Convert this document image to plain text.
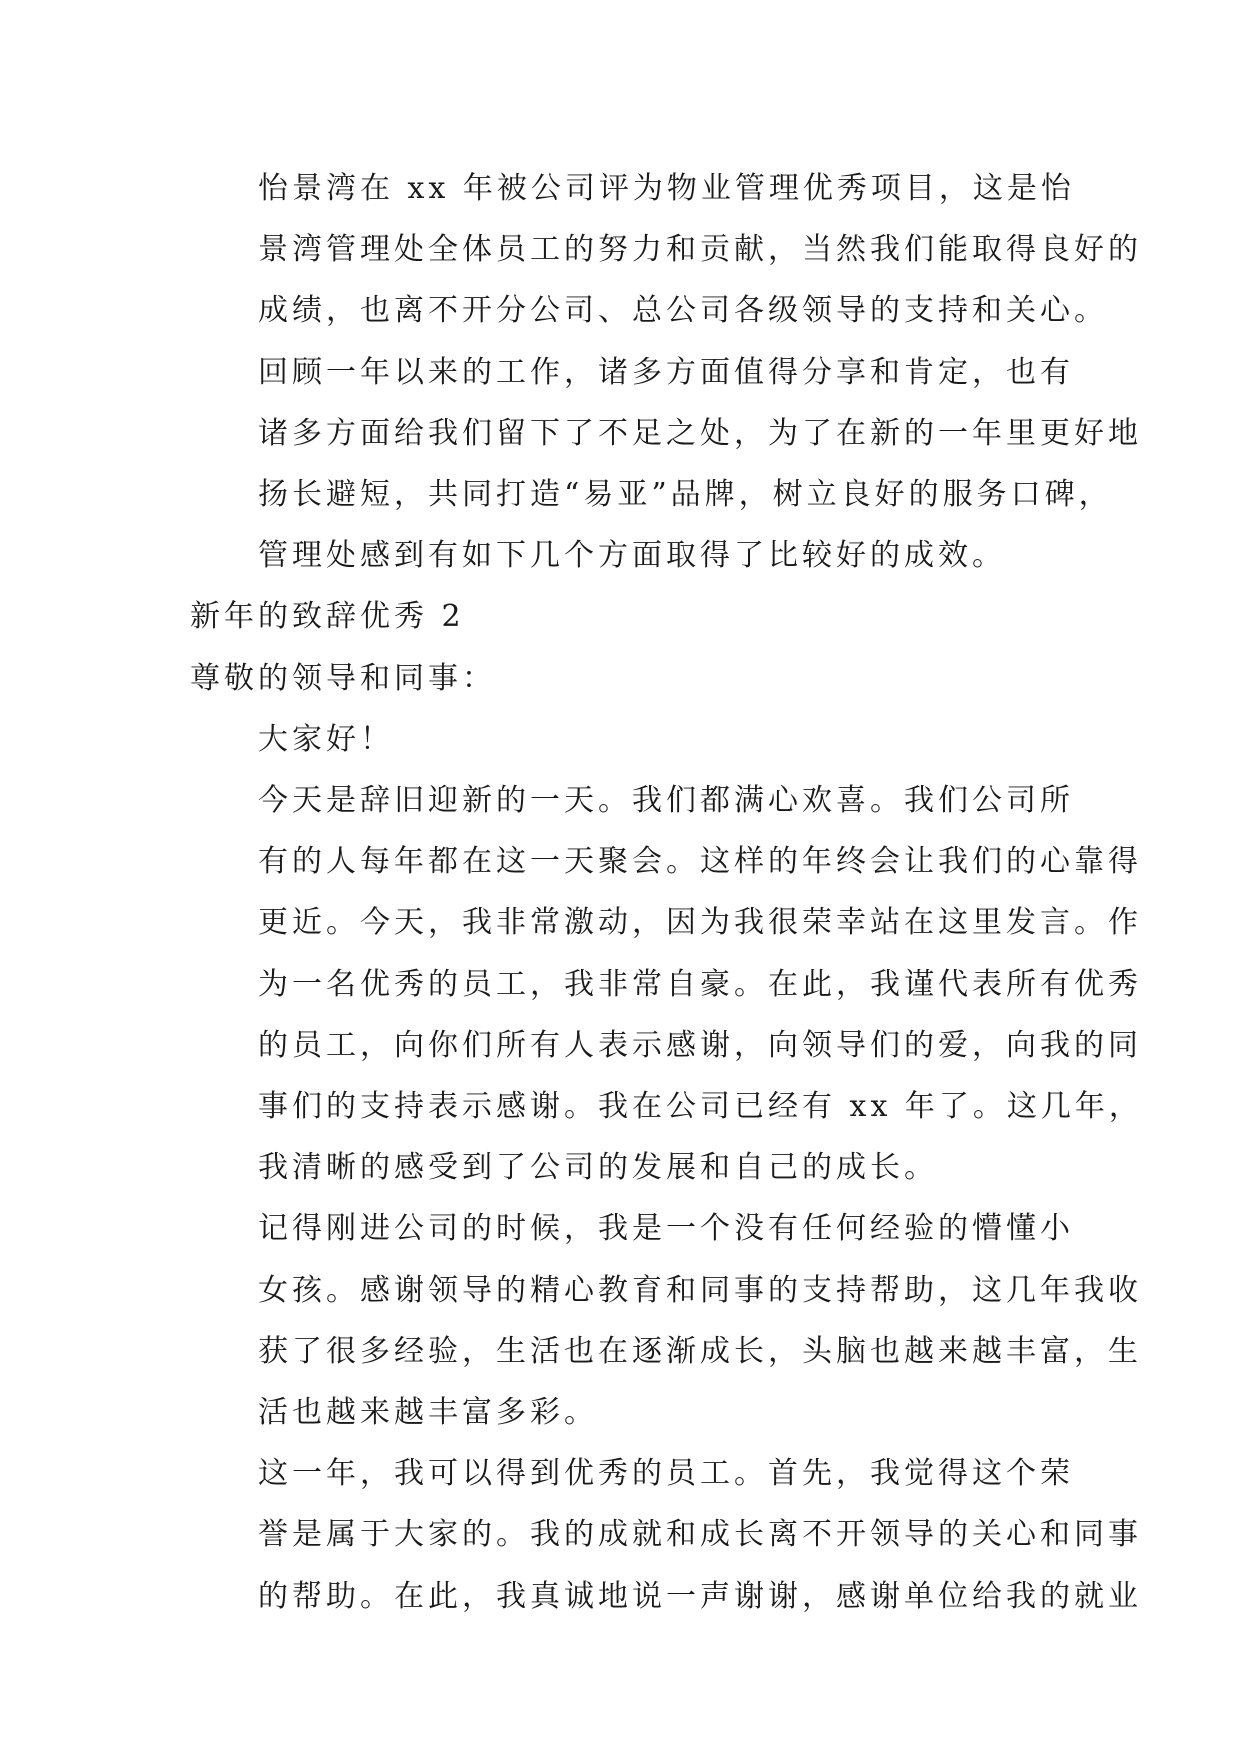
怡景湾在 xx 年被公司评为物业管理优秀项目，这是怡
景湾管理处全体员工的努力和贡献，当然我们能取得良好的
成绩，也离不开分公司、总公司各级领导的支持和关心。
回顾一年以来的工作，诸多方面值得分享和肯定，也有
诸多方面给我们留下了不足之处，为了在新的一年里更好地
扬长避短，共同打造“易亚”品牌，树立良好的服务口碑，
管理处感到有如下几个方面取得了比较好的成效。
新年的致辞优秀 2
尊敬的领导和同事：
大家好！
今天是辞旧迎新的一天。我们都满心欢喜。我们公司所
有的人每年都在这一天聚会。这样的年终会让我们的心靠得
更近。今天，我非常激动，因为我很荣幸站在这里发言。作
为一名优秀的员工，我非常自豪。在此，我谨代表所有优秀
的员工，向你们所有人表示感谢，向领导们的爱，向我的同
事们的支持表示感谢。我在公司已经有 xx 年了。这几年，
我清晰的感受到了公司的发展和自己的成长。
记得刚进公司的时候，我是一个没有任何经验的懵懂小
女孩。感谢领导的精心教育和同事的支持帮助，这几年我收
获了很多经验，生活也在逐渐成长，头脑也越来越丰富，生
活也越来越丰富多彩。
这一年，我可以得到优秀的员工。首先，我觉得这个荣
誉是属于大家的。我的成就和成长离不开领导的关心和同事
的帮助。在此，我真诚地说一声谢谢，感谢单位给我的就业
